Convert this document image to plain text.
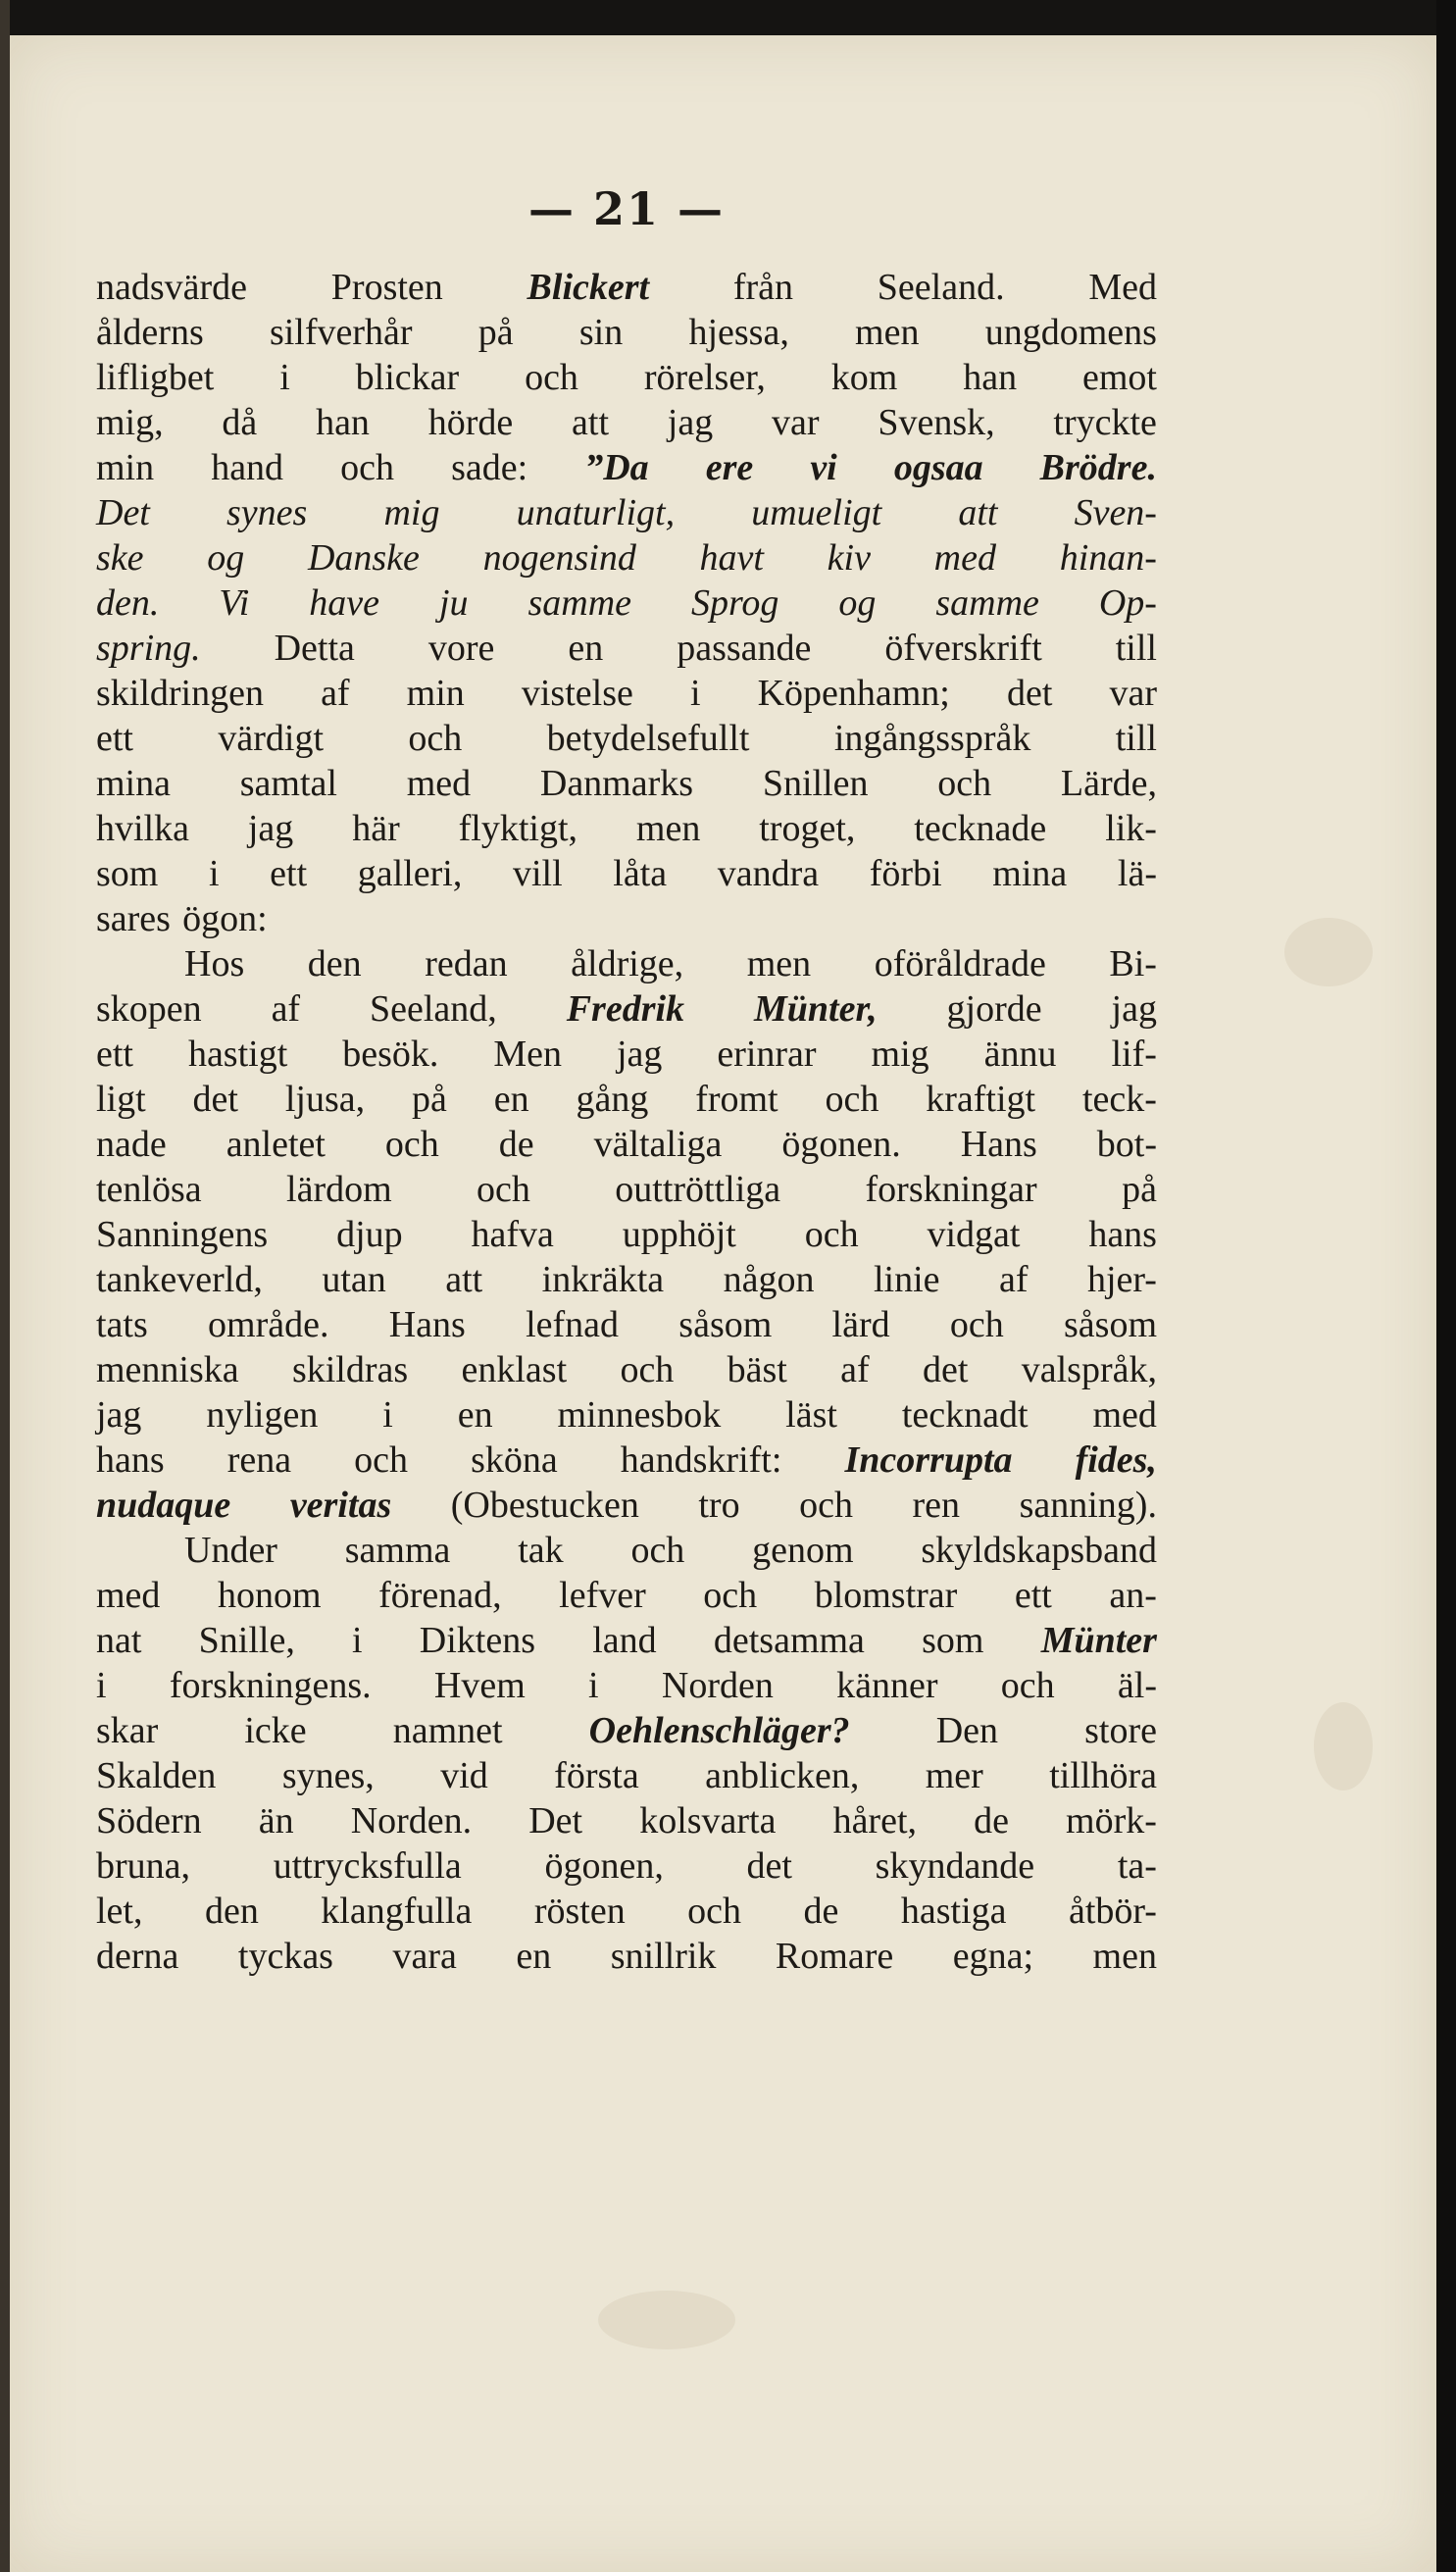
— 21 —
nadsvärde Prosten Blickert från Seeland. Med
ålderns silfverhår på sin hjessa, men ungdomens
lifligbet i blickar och rörelser, kom han emot
mig, då han hörde att jag var Svensk, tryckte
min hand och sade: ”Da ere vi ogsaa Brödre.
Det synes mig unaturligt, umueligt att Sven-
ske og Danske nogensind havt kiv med hinan-
den. Vi have ju samme Sprog og samme Op-
spring. Detta vore en passande öfverskrift till
skildringen af min vistelse i Köpenhamn; det var
ett värdigt och betydelsefullt ingångsspråk till
mina samtal med Danmarks Snillen och Lärde,
hvilka jag här flyktigt, men troget, tecknade lik-
som i ett galleri, vill låta vandra förbi mina lä-
sares ögon:
Hos den redan åldrige, men oföråldrade Bi-
skopen af Seeland, Fredrik Münter, gjorde jag
ett hastigt besök. Men jag erinrar mig ännu lif-
ligt det ljusa, på en gång fromt och kraftigt teck-
nade anletet och de vältaliga ögonen. Hans bot-
tenlösa lärdom och outtröttliga forskningar på
Sanningens djup hafva upphöjt och vidgat hans
tankeverld, utan att inkräkta någon linie af hjer-
tats område. Hans lefnad såsom lärd och såsom
menniska skildras enklast och bäst af det valspråk,
jag nyligen i en minnesbok läst tecknadt med
hans rena och sköna handskrift: Incorrupta fides,
nudaque veritas (Obestucken tro och ren sanning).
Under samma tak och genom skyldskapsband
med honom förenad, lefver och blomstrar ett an-
nat Snille, i Diktens land detsamma som Münter
i forskningens. Hvem i Norden känner och äl-
skar icke namnet Oehlenschläger? Den store
Skalden synes, vid första anblicken, mer tillhöra
Södern än Norden. Det kolsvarta håret, de mörk-
bruna, uttrycksfulla ögonen, det skyndande ta-
let, den klangfulla rösten och de hastiga åtbör-
derna tyckas vara en snillrik Romare egna; men
